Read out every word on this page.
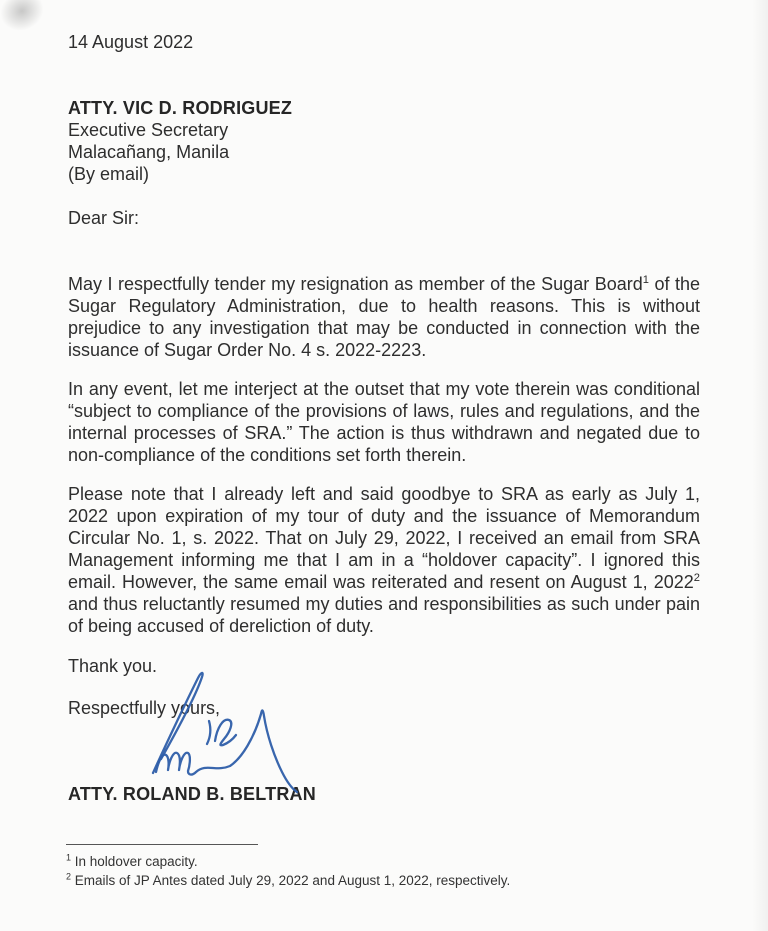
14 August 2022

ATTY. VIC D. RODRIGUEZ

Executive Secretary

Malacañang, Manila

(By email)

Dear Sir:

May I respectfully tender my resignation as member of the Sugar Board$^1$ of the Sugar Regulatory Administration, due to health reasons. This is without prejudice to any investigation that may be conducted in connection with the issuance of Sugar Order No. 4 s. 2022-2223.

In any event, let me interject at the outset that my vote therein was conditional “subject to compliance of the provisions of laws, rules and regulations, and the internal processes of SRA.” The action is thus withdrawn and negated due to non-compliance of the conditions set forth therein.

Please note that I already left and said goodbye to SRA as early as July 1, 2022 upon expiration of my tour of duty and the issuance of Memorandum Circular No. 1, s. 2022. That on July 29, 2022, I received an email from SRA Management informing me that I am in a “holdover capacity”. I ignored this email. However, the same email was reiterated and resent on August 1, 2022$^2$ and thus reluctantly resumed my duties and responsibilities as such under pain of being accused of dereliction of duty.

Thank you.

Respectfully yours,

ATTY. ROLAND B. BELTRAN

$^1$ In holdover capacity.

$^2$ Emails of JP Antes dated July 29, 2022 and August 1, 2022, respectively.
